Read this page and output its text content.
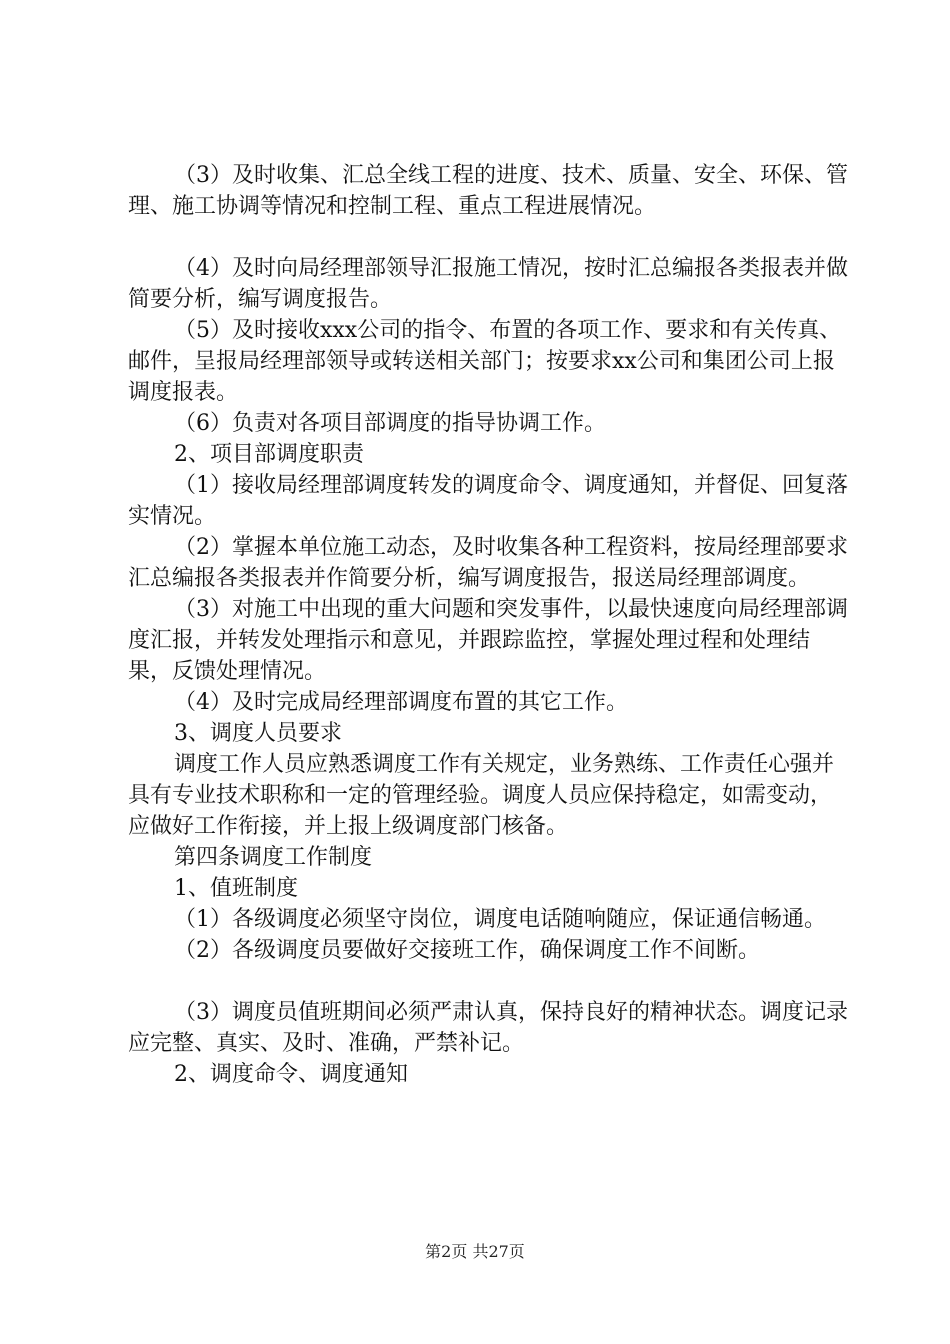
（3）及时收集、汇总全线工程的进度、技术、质量、安全、环保、管理、施工协调等情况和控制工程、重点工程进展情况。

（4）及时向局经理部领导汇报施工情况，按时汇总编报各类报表并做简要分析，编写调度报告。

（5）及时接收xxx公司的指令、布置的各项工作、要求和有关传真、邮件，呈报局经理部领导或转送相关部门；按要求xx公司和集团公司上报调度报表。

（6）负责对各项目部调度的指导协调工作。

2、项目部调度职责

（1）接收局经理部调度转发的调度命令、调度通知，并督促、回复落实情况。

（2）掌握本单位施工动态，及时收集各种工程资料，按局经理部要求汇总编报各类报表并作简要分析，编写调度报告，报送局经理部调度。

（3）对施工中出现的重大问题和突发事件，以最快速度向局经理部调度汇报，并转发处理指示和意见，并跟踪监控，掌握处理过程和处理结果，反馈处理情况。

（4）及时完成局经理部调度布置的其它工作。

3、调度人员要求

调度工作人员应熟悉调度工作有关规定，业务熟练、工作责任心强并具有专业技术职称和一定的管理经验。调度人员应保持稳定，如需变动，应做好工作衔接，并上报上级调度部门核备。

第四条调度工作制度

1、值班制度

（1）各级调度必须坚守岗位，调度电话随响随应，保证通信畅通。

（2）各级调度员要做好交接班工作，确保调度工作不间断。

（3）调度员值班期间必须严肃认真，保持良好的精神状态。调度记录应完整、真实、及时、准确，严禁补记。

2、调度命令、调度通知

第2页 共27页
